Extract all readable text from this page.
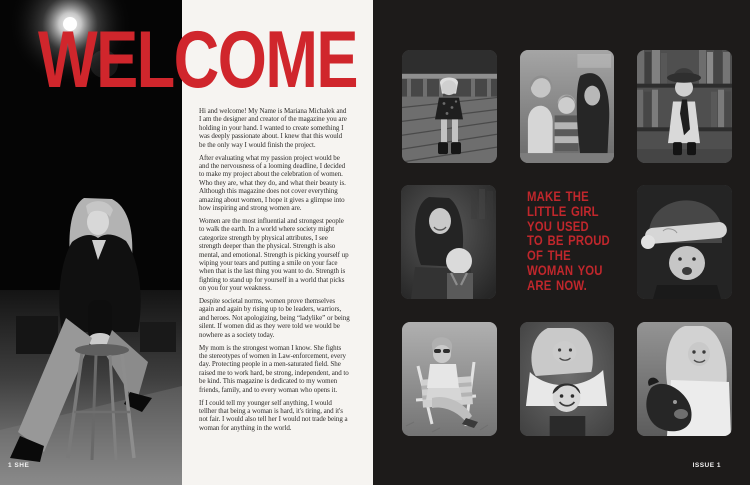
WELCOME

Hi and welcome! My Name is Mariana Michalek and I am the designer and creator of the magazine you are holding in your hand. I wanted to create something I was deeply passionate about. I knew that this would be the only way I would finish the project.

After evaluating what my passion project would be and the nervousness of a looming deadline, I decided to make my project about the celebration of women. Who they are, what they do, and what their beauty is. Although this magazine does not cover everything amazing about women, I hope it gives a glimpse into how inspiring and strong women are.

Women are the most influential and strongest people to walk the earth. In a world where society might categorize strength by physical attributes, I see strength deeper than the physical. Strength is also mental, and emotional. Strength is picking yourself up wiping your tears and putting a smile on your face when that is the last thing you want to do. Strength is fighting to stand up for yourself in a world that picks on you for your weakness.

Despite societal norms, women prove themselves again and again by rising up to be leaders, warriors, and heroes. Not apologizing, being “ladylike” or being silent. If women did as they were told we would be nowhere as a society today.

My mom is the strongest woman I know. She fights the stereotypes of women in Law-enforcement, every day. Protecting people in a men-saturated field. She raised me to work hard, be strong, independent, and to be kind. This magazine is dedicated to my women friends, family, and to every woman who opens it.

If I could tell my younger self anything, I would tellher that being a woman is hard, it's tiring, and it's not fair. I would also tell her I would not trade being a woman for anything in the world.

MAKE THE
LITTLE GIRL
YOU USED
TO BE PROUD
OF THE
WOMAN YOU
ARE NOW.
ISSUE 1
1 SHE
